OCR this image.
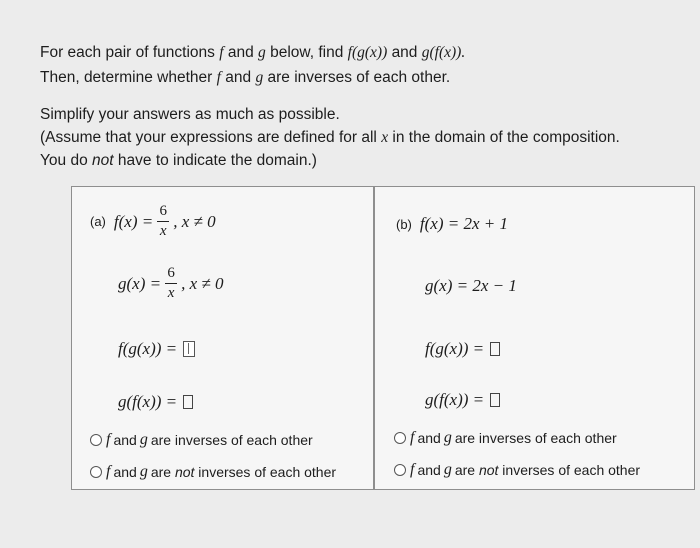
For each pair of functions f and g below, find f(g(x)) and g(f(x)).
Then, determine whether f and g are inverses of each other.
Simplify your answers as much as possible.
(Assume that your expressions are defined for all x in the domain of the composition.
You do not have to indicate the domain.)
(a) $f(x) = \frac{6}{x}$ , x ≠ 0
$g(x) = \frac{6}{x}$ , x ≠ 0
f(g(x)) =
g(f(x)) =
f and g are inverses of each other
f and g are
not
inverses of each other
(b) f(x) = 2x + 1
g(x) = 2x − 1
f(g(x)) =
g(f(x)) =
f and g are inverses of each other
f and g are
not
inverses of each other
